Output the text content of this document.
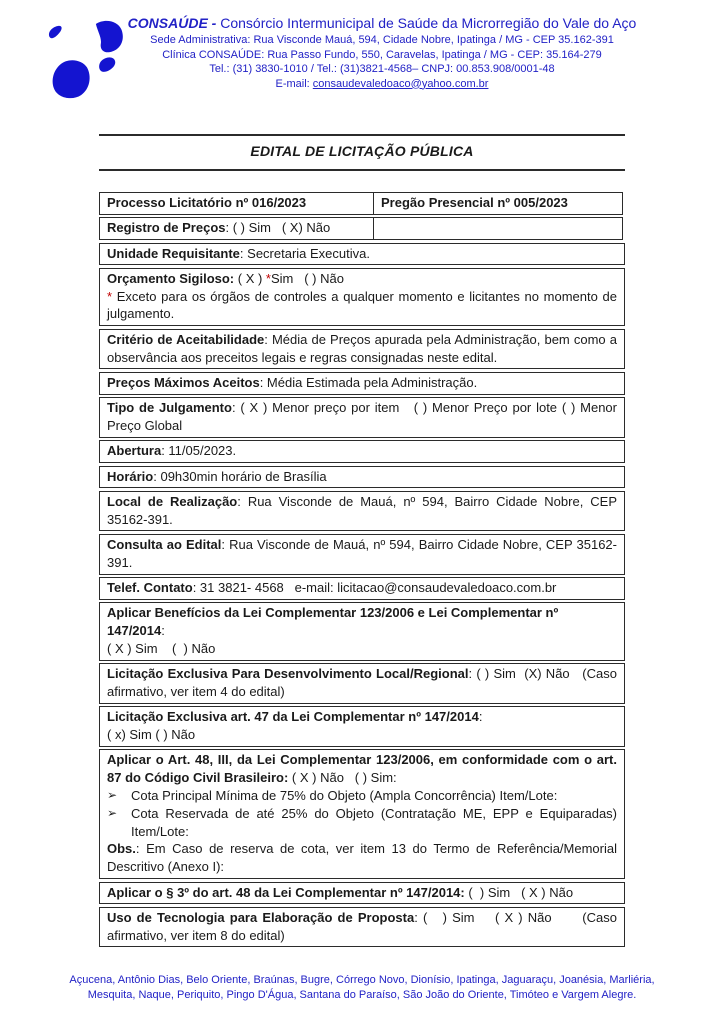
CONSAÚDE - Consórcio Intermunicipal de Saúde da Microrregião do Vale do Aço
Sede Administrativa: Rua Visconde Mauá, 594, Cidade Nobre, Ipatinga / MG - CEP 35.162-391
Clínica CONSAÚDE: Rua Passo Fundo, 550, Caravelas, Ipatinga / MG - CEP: 35.164-279
Tel.: (31) 3830-1010 / Tel.: (31)3821-4568– CNPJ: 00.853.908/0001-48
E-mail: consaudevaledoaco@yahoo.com.br
EDITAL DE LICITAÇÃO PÚBLICA
Processo Licitatório nº 016/2023	Pregão Presencial nº 005/2023
Registro de Preços: ( ) Sim   ( X) Não
Unidade Requisitante: Secretaria Executiva.
Orçamento Sigiloso: ( X ) *Sim   ( ) Não
* Exceto para os órgãos de controles a qualquer momento e licitantes no momento de julgamento.
Critério de Aceitabilidade: Média de Preços apurada pela Administração, bem como a observância aos preceitos legais e regras consignadas neste edital.
Preços Máximos Aceitos: Média Estimada pela Administração.
Tipo de Julgamento: ( X ) Menor preço por item   ( ) Menor Preço por lote ( ) Menor Preço Global
Abertura: 11/05/2023.
Horário: 09h30min horário de Brasília
Local de Realização: Rua Visconde de Mauá, nº 594, Bairro Cidade Nobre, CEP 35162-391.
Consulta ao Edital: Rua Visconde de Mauá, nº 594, Bairro Cidade Nobre, CEP 35162-391.
Telef. Contato: 31 3821- 4568   e-mail: licitacao@consaudevaledoaco.com.br
Aplicar Benefícios da Lei Complementar 123/2006 e Lei Complementar nº 147/2014:
( X ) Sim    (  ) Não
Licitação Exclusiva Para Desenvolvimento Local/Regional: ( ) Sim  (X) Não   (Caso afirmativo, ver item 4 do edital)
Licitação Exclusiva art. 47 da Lei Complementar nº 147/2014:
( x) Sim ( ) Não
Aplicar o Art. 48, III, da Lei Complementar 123/2006, em conformidade com o art. 87 do Código Civil Brasileiro: ( X ) Não   ( ) Sim:
➢	Cota Principal Mínima de 75% do Objeto (Ampla Concorrência) Item/Lote:
➢	Cota Reservada de até 25% do Objeto (Contratação ME, EPP e Equiparadas) Item/Lote:
Obs.: Em Caso de reserva de cota, ver item 13 do Termo de Referência/Memorial Descritivo (Anexo I):
Aplicar o § 3º do art. 48 da Lei Complementar nº 147/2014: (  ) Sim   ( X ) Não
Uso de Tecnologia para Elaboração de Proposta: (   ) Sim    ( X ) Não      (Caso afirmativo, ver item 8 do edital)
Açucena, Antônio Dias, Belo Oriente, Braúnas, Bugre, Córrego Novo, Dionísio, Ipatinga, Jaguaraçu, Joanésia, Marliéria,
Mesquita, Naque, Periquito, Pingo D'Água, Santana do Paraíso, São João do Oriente, Timóteo e Vargem Alegre.
